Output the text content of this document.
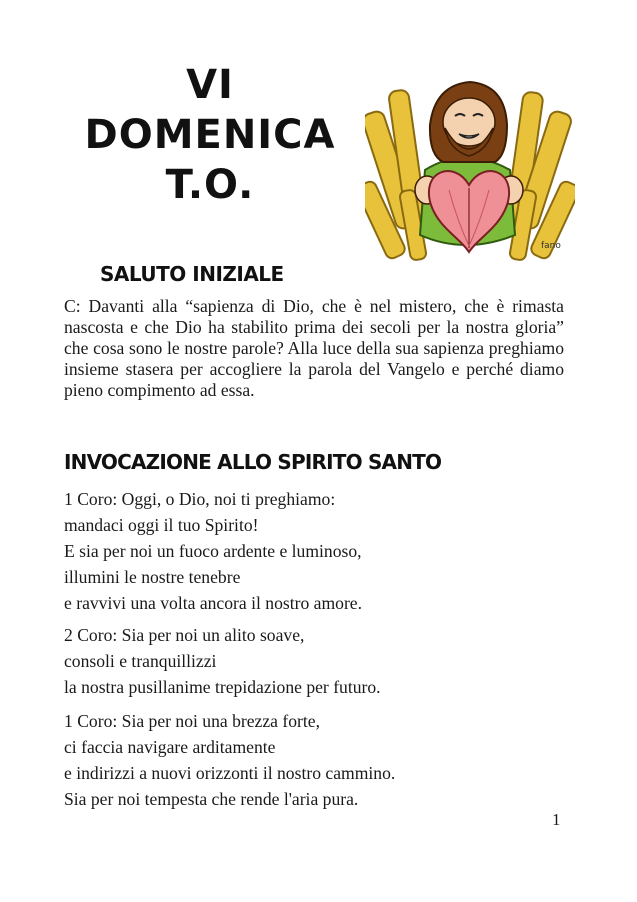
VI
DOMENICA
T.O.
fano
SALUTO INIZIALE

C: Davanti alla “sapienza di Dio, che è nel mistero, che è rimasta nascosta e che Dio ha stabilito prima dei secoli per la nostra gloria” che cosa sono le nostre parole? Alla luce della sua sapienza preghiamo insieme stasera per accogliere la parola del Vangelo e perché diamo pieno compimento ad essa.

INVOCAZIONE ALLO SPIRITO SANTO
1 Coro: Oggi, o Dio, noi ti preghiamo:
mandaci oggi il tuo Spirito!
E sia per noi un fuoco ardente e luminoso,
illumini le nostre tenebre
e ravvivi una volta ancora il nostro amore.
2 Coro: Sia per noi un alito soave,
consoli e tranquillizzi
la nostra pusillanime trepidazione per futuro.
1 Coro: Sia per noi una brezza forte,
ci faccia navigare arditamente
e indirizzi a nuovi orizzonti il nostro cammino.
Sia per noi tempesta che rende l'aria pura.
1
